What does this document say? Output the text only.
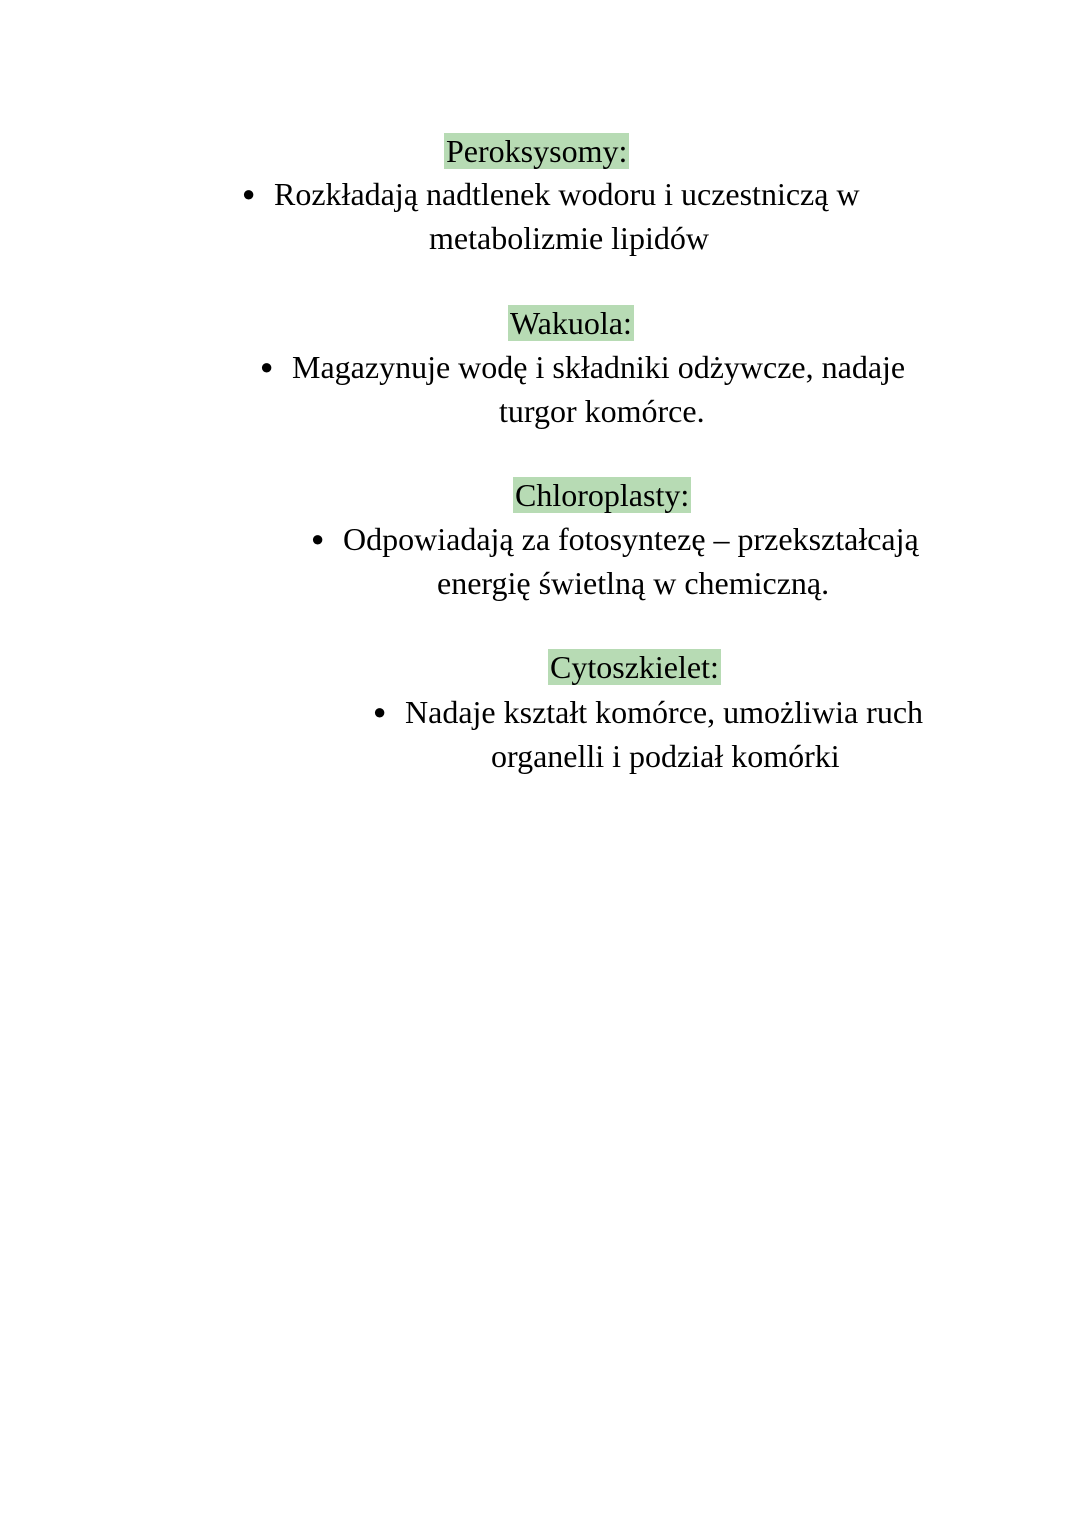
Peroksysomy:
● Rozkładają nadtlenek wodoru i uczestniczą w
metabolizmie lipidów
Wakuola:
● Magazynuje wodę i składniki odżywcze, nadaje
turgor komórce.
Chloroplasty:
● Odpowiadają za fotosyntezę – przekształcają
energię świetlną w chemiczną.
Cytoszkielet:
● Nadaje kształt komórce, umożliwia ruch
organelli i podział komórki
